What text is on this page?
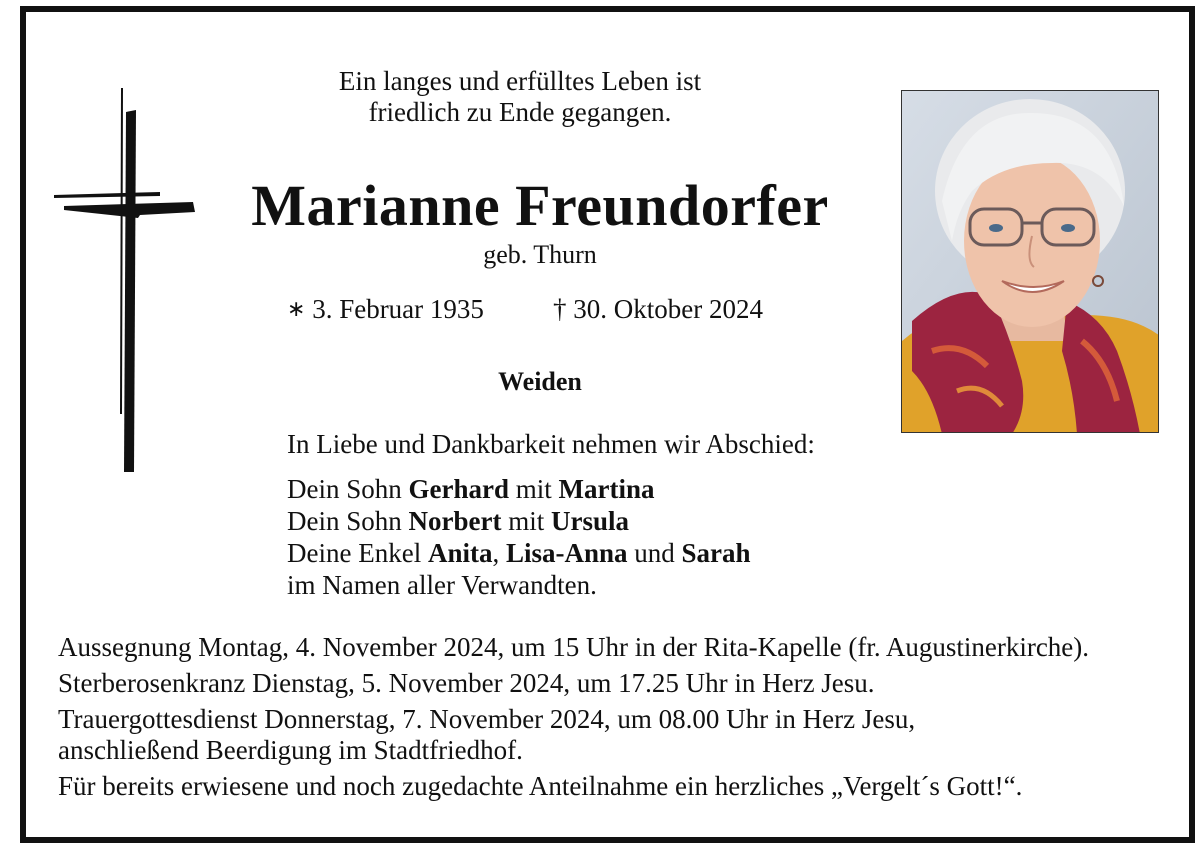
Ein langes und erfülltes Leben ist
friedlich zu Ende gegangen.
Marianne Freundorfer
geb. Thurn
∗ 3. Februar 1935	† 30. Oktober 2024
Weiden
In Liebe und Dankbarkeit nehmen wir Abschied:
Dein Sohn Gerhard mit Martina
Dein Sohn Norbert mit Ursula
Deine Enkel Anita, Lisa-Anna und Sarah
im Namen aller Verwandten.
Aussegnung Montag, 4. November 2024, um 15 Uhr in der Rita-Kapelle (fr. Augustinerkirche).
Sterberosenkranz Dienstag, 5. November 2024, um 17.25 Uhr in Herz Jesu.
Trauergottesdienst Donnerstag, 7. November 2024, um 08.00 Uhr in Herz Jesu,
anschließend Beerdigung im Stadtfriedhof.
Für bereits erwiesene und noch zugedachte Anteilnahme ein herzliches „Vergelt´s Gott!“.
